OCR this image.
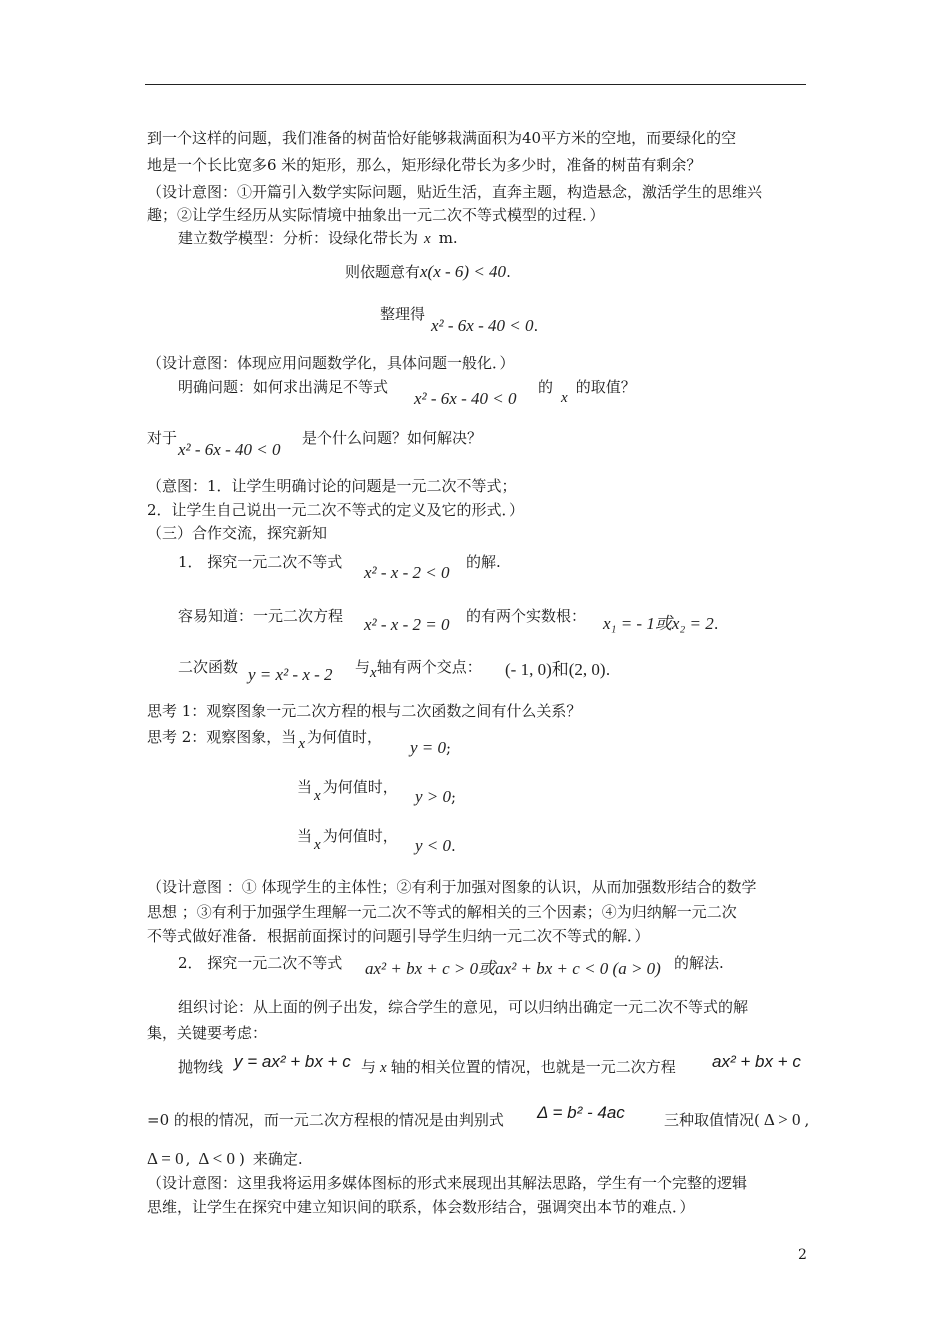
到一个这样的问题，我们准备的树苗恰好能够栽满面积为40平方米的空地，而要绿化的空
地是一个长比宽多6 米的矩形，那么，矩形绿化带长为多少时，准备的树苗有剩余？
（设计意图：①开篇引入数学实际问题，贴近生活，直奔主题，构造悬念，激活学生的思维兴
趣；②让学生经历从实际情境中抽象出一元二次不等式模型的过程．）
建立数学模型：分析：设绿化带长为 x m.
则依题意有x(x - 6) < 40.
整理得
x² - 6x - 40 < 0.
（设计意图：体现应用问题数学化，具体问题一般化．）
明确问题：如何求出满足不等式
x² - 6x - 40 < 0
的x的取值？
对于
x² - 6x - 40 < 0
是个什么问题？如何解决？
（意图：1．让学生明确讨论的问题是一元二次不等式；
2．让学生自己说出一元二次不等式的定义及它的形式．）
（三）合作交流，探究新知
1． 探究一元二次不等式
x² - x - 2 < 0
的解.
容易知道：一元二次方程 x² - x - 2 = 0 的有两个实数根： x₁ = - 1或x₂ = 2.
二次函数 y = x² - x - 2 与x轴有两个交点： (- 1, 0)和(2, 0).
思考 1：观察图象一元二次方程的根与二次函数之间有什么关系？
思考 2：观察图象，当 x 为何值时，
y = 0;
当 x 为何值时， y > 0;
当 x 为何值时， y < 0.
（设计意图 ：① 体现学生的主体性；②有利于加强对图象的认识，从而加强数形结合的数学
思想 ；③有利于加强学生理解一元二次不等式的解相关的三个因素；④为归纳解一元二次
不等式做好准备．根据前面探讨的问题引导学生归纳一元二次不等式的解．）
2． 探究一元二次不等式 ax² + bx + c > 0或ax² + bx + c < 0 (a > 0) 的解法.
组织讨论：从上面的例子出发，综合学生的意见，可以归纳出确定一元二次不等式的解
集，关键要考虑：
抛物线 y = ax² + bx + c 与 x 轴的相关位置的情况，也就是一元二次方程 ax² + bx + c
=0 的根的情况，而一元二次方程根的情况是由判别式 Δ = b² - 4ac	三种取值情况( Δ > 0 ,
Δ = 0 , Δ < 0 ) 来确定.
（设计意图：这里我将运用多媒体图标的形式来展现出其解法思路，学生有一个完整的逻辑
思维，让学生在探究中建立知识间的联系，体会数形结合，强调突出本节的难点．）
2
